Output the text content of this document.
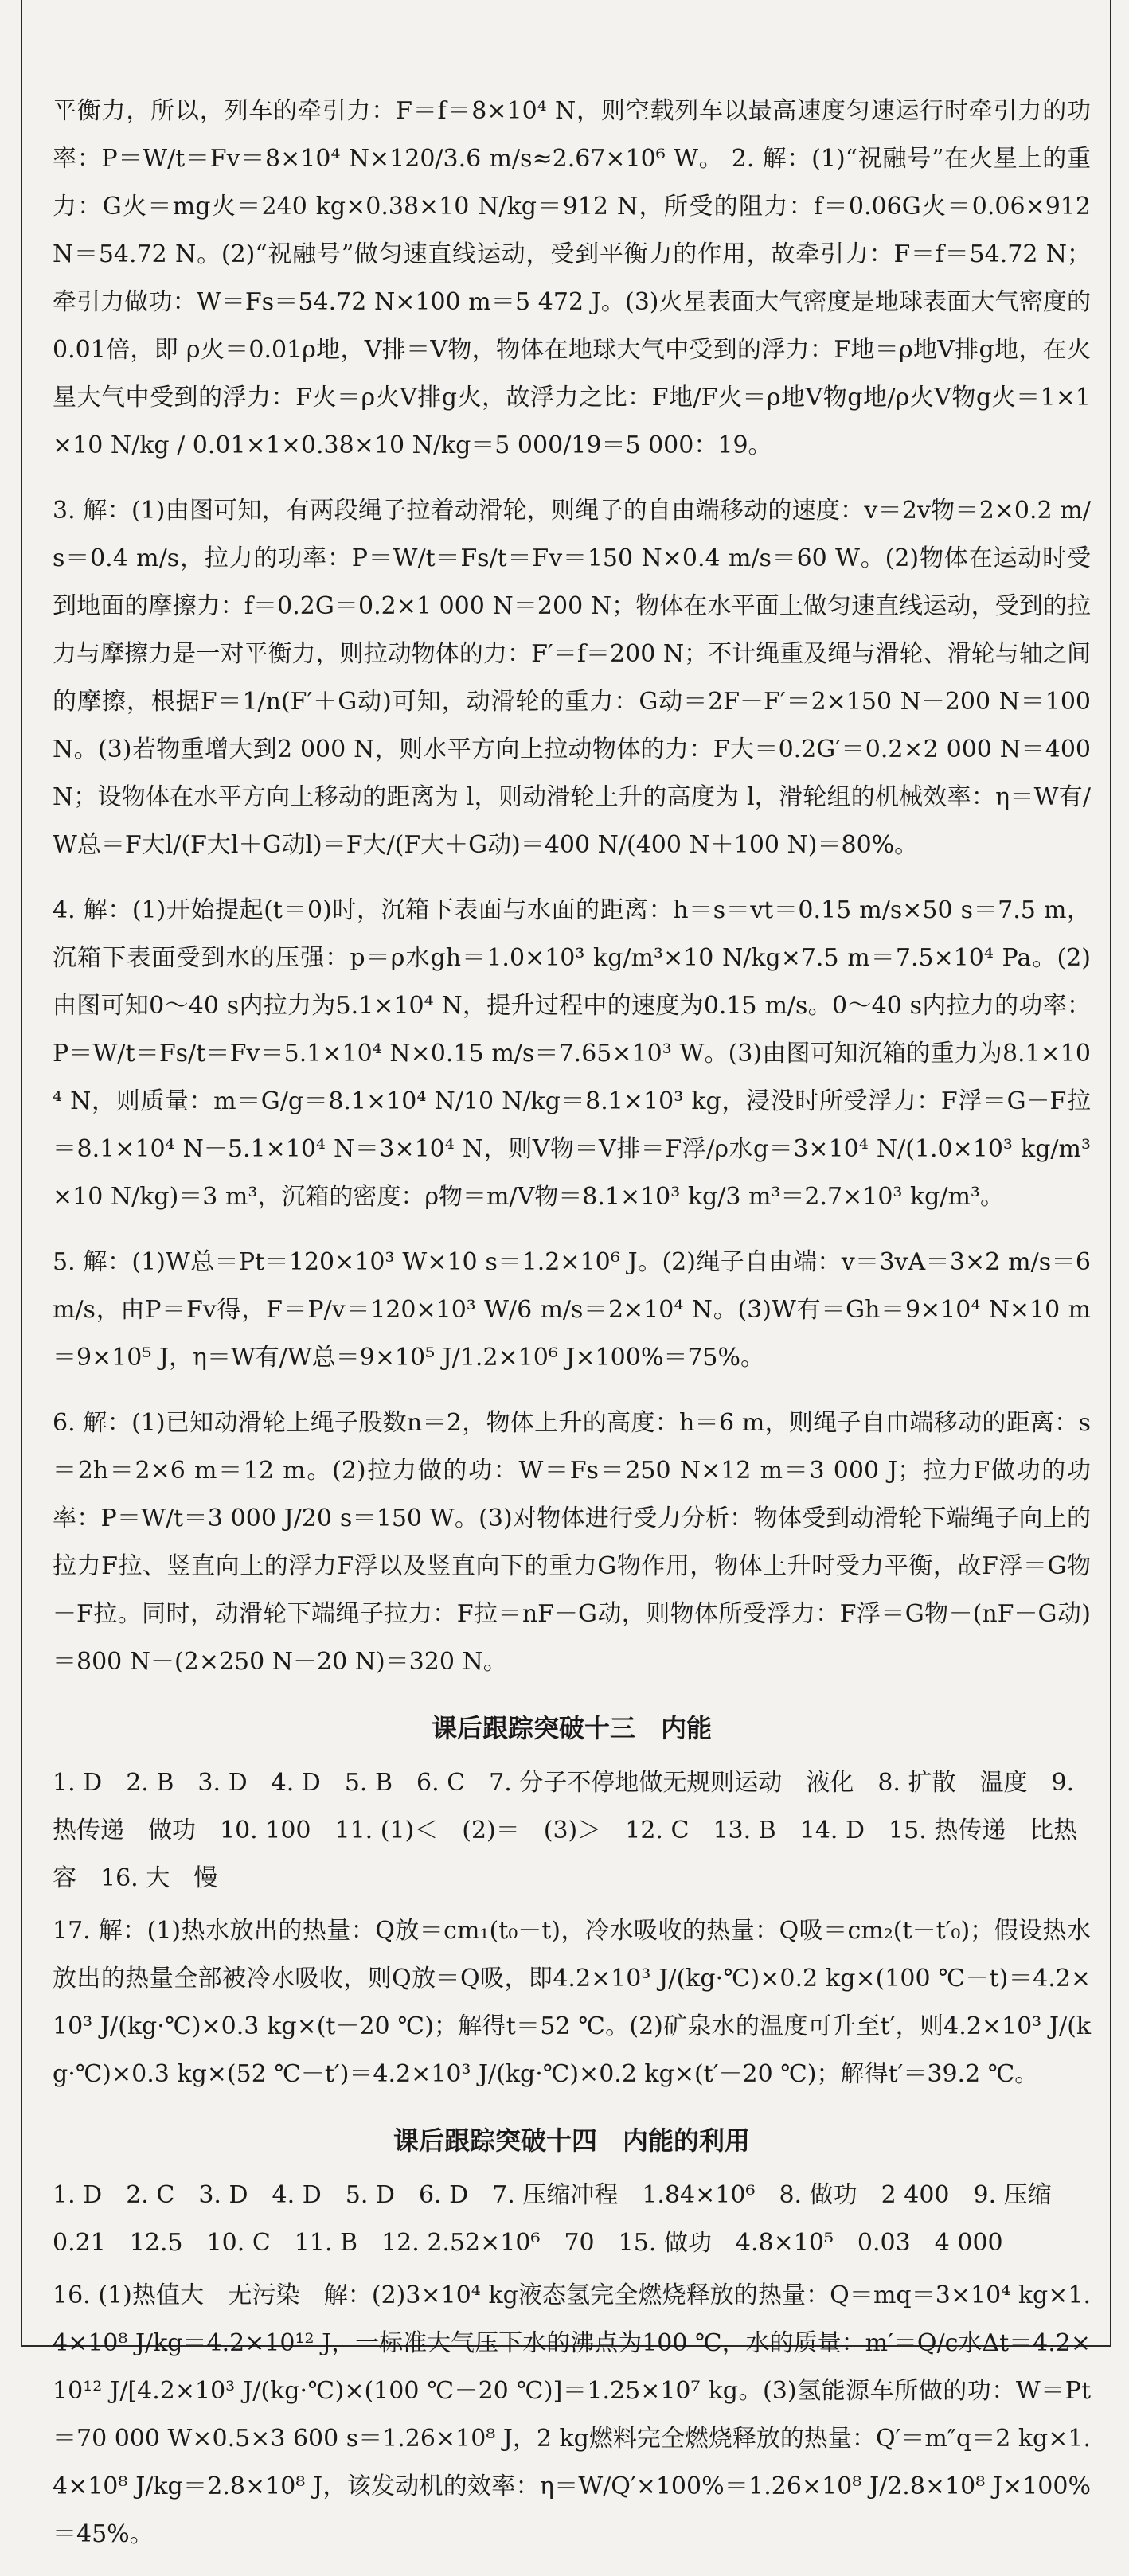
平衡力，所以，列车的牵引力：F＝f＝8×10⁴ N，则空载列车以最高速度匀速运行时牵引力的功率：P＝W/t＝Fv＝8×10⁴ N×120/3.6 m/s≈2.67×10⁶ W。 2. 解：(1)“祝融号”在火星上的重力：G火＝mg火＝240 kg×0.38×10 N/kg＝912 N，所受的阻力：f＝0.06G火＝0.06×912 N＝54.72 N。(2)“祝融号”做匀速直线运动，受到平衡力的作用，故牵引力：F＝f＝54.72 N；牵引力做功：W＝Fs＝54.72 N×100 m＝5 472 J。(3)火星表面大气密度是地球表面大气密度的0.01倍，即 ρ火＝0.01ρ地，V排＝V物，物体在地球大气中受到的浮力：F地＝ρ地V排g地，在火星大气中受到的浮力：F火＝ρ火V排g火，故浮力之比：F地/F火＝ρ地V物g地/ρ火V物g火＝1×1×10 N/kg / 0.01×1×0.38×10 N/kg＝5 000/19＝5 000：19。

3. 解：(1)由图可知，有两段绳子拉着动滑轮，则绳子的自由端移动的速度：v＝2v物＝2×0.2 m/s＝0.4 m/s，拉力的功率：P＝W/t＝Fs/t＝Fv＝150 N×0.4 m/s＝60 W。(2)物体在运动时受到地面的摩擦力：f＝0.2G＝0.2×1 000 N＝200 N；物体在水平面上做匀速直线运动，受到的拉力与摩擦力是一对平衡力，则拉动物体的力：F′＝f＝200 N；不计绳重及绳与滑轮、滑轮与轴之间的摩擦，根据F＝1/n(F′＋G动)可知，动滑轮的重力：G动＝2F－F′＝2×150 N－200 N＝100 N。(3)若物重增大到2 000 N，则水平方向上拉动物体的力：F大＝0.2G′＝0.2×2 000 N＝400 N；设物体在水平方向上移动的距离为 l，则动滑轮上升的高度为 l，滑轮组的机械效率：η＝W有/W总＝F大l/(F大l＋G动l)＝F大/(F大＋G动)＝400 N/(400 N＋100 N)＝80%。

4. 解：(1)开始提起(t＝0)时，沉箱下表面与水面的距离：h＝s＝vt＝0.15 m/s×50 s＝7.5 m，沉箱下表面受到水的压强：p＝ρ水gh＝1.0×10³ kg/m³×10 N/kg×7.5 m＝7.5×10⁴ Pa。(2)由图可知0～40 s内拉力为5.1×10⁴ N，提升过程中的速度为0.15 m/s。0～40 s内拉力的功率：P＝W/t＝Fs/t＝Fv＝5.1×10⁴ N×0.15 m/s＝7.65×10³ W。(3)由图可知沉箱的重力为8.1×10⁴ N，则质量：m＝G/g＝8.1×10⁴ N/10 N/kg＝8.1×10³ kg，浸没时所受浮力：F浮＝G－F拉＝8.1×10⁴ N－5.1×10⁴ N＝3×10⁴ N，则V物＝V排＝F浮/ρ水g＝3×10⁴ N/(1.0×10³ kg/m³×10 N/kg)＝3 m³，沉箱的密度：ρ物＝m/V物＝8.1×10³ kg/3 m³＝2.7×10³ kg/m³。

5. 解：(1)W总＝Pt＝120×10³ W×10 s＝1.2×10⁶ J。(2)绳子自由端：v＝3vA＝3×2 m/s＝6 m/s，由P＝Fv得，F＝P/v＝120×10³ W/6 m/s＝2×10⁴ N。(3)W有＝Gh＝9×10⁴ N×10 m＝9×10⁵ J，η＝W有/W总＝9×10⁵ J/1.2×10⁶ J×100%＝75%。

6. 解：(1)已知动滑轮上绳子股数n＝2，物体上升的高度：h＝6 m，则绳子自由端移动的距离：s＝2h＝2×6 m＝12 m。(2)拉力做的功：W＝Fs＝250 N×12 m＝3 000 J；拉力F做功的功率：P＝W/t＝3 000 J/20 s＝150 W。(3)对物体进行受力分析：物体受到动滑轮下端绳子向上的拉力F拉、竖直向上的浮力F浮以及竖直向下的重力G物作用，物体上升时受力平衡，故F浮＝G物－F拉。同时，动滑轮下端绳子拉力：F拉＝nF－G动，则物体所受浮力：F浮＝G物－(nF－G动)＝800 N－(2×250 N－20 N)＝320 N。

课后跟踪突破十三　内能

1. D　2. B　3. D　4. D　5. B　6. C　7. 分子不停地做无规则运动　液化　8. 扩散　温度　9. 热传递　做功　10. 100　11. (1)＜　(2)＝　(3)＞　12. C　13. B　14. D　15. 热传递　比热容　16. 大　慢

17. 解：(1)热水放出的热量：Q放＝cm₁(t₀－t)，冷水吸收的热量：Q吸＝cm₂(t－t′₀)；假设热水放出的热量全部被冷水吸收，则Q放＝Q吸，即4.2×10³ J/(kg·℃)×0.2 kg×(100 ℃－t)＝4.2×10³ J/(kg·℃)×0.3 kg×(t－20 ℃)；解得t＝52 ℃。(2)矿泉水的温度可升至t′，则4.2×10³ J/(kg·℃)×0.3 kg×(52 ℃－t′)＝4.2×10³ J/(kg·℃)×0.2 kg×(t′－20 ℃)；解得t′＝39.2 ℃。

课后跟踪突破十四　内能的利用

1. D　2. C　3. D　4. D　5. D　6. D　7. 压缩冲程　1.84×10⁶　8. 做功　2 400　9. 压缩　0.21　12.5　10. C　11. B　12. 2.52×10⁶　70　15. 做功　4.8×10⁵　0.03　4 000

16. (1)热值大　无污染　解：(2)3×10⁴ kg液态氢完全燃烧释放的热量：Q＝mq＝3×10⁴ kg×1.4×10⁸ J/kg＝4.2×10¹² J，一标准大气压下水的沸点为100 ℃，水的质量：m′＝Q/c水Δt＝4.2×10¹² J/[4.2×10³ J/(kg·℃)×(100 ℃－20 ℃)]＝1.25×10⁷ kg。(3)氢能源车所做的功：W＝Pt＝70 000 W×0.5×3 600 s＝1.26×10⁸ J，2 kg燃料完全燃烧释放的热量：Q′＝m″q＝2 kg×1.4×10⁸ J/kg＝2.8×10⁸ J，该发动机的效率：η＝W/Q′×100%＝1.26×10⁸ J/2.8×10⁸ J×100%＝45%。
